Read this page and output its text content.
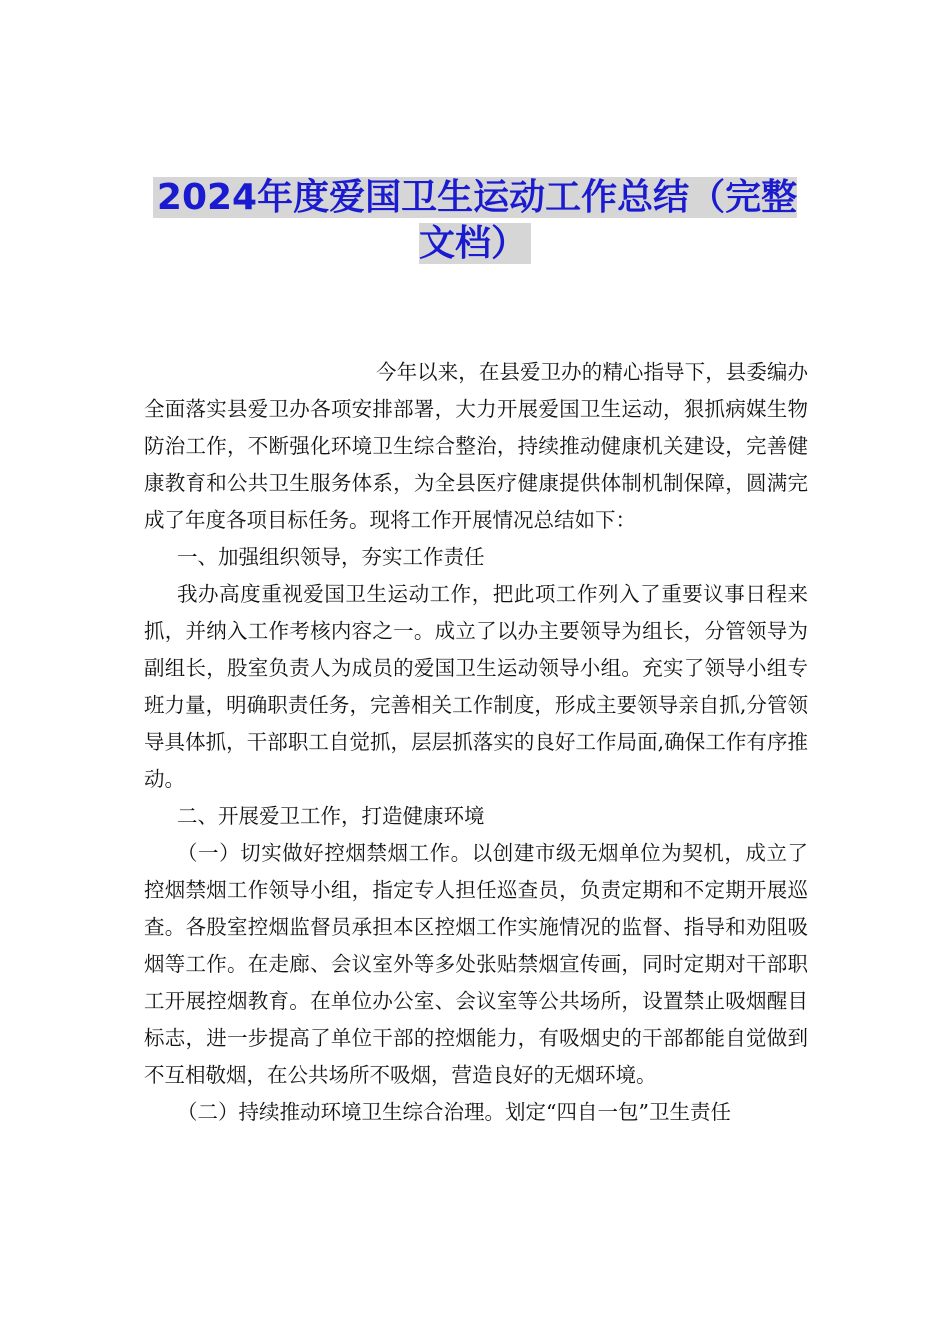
2024年度爱国卫生运动工作总结（完整文档）

今年以来，在县爱卫办的精心指导下，县委编办全面落实县爱卫办各项安排部署，大力开展爱国卫生运动，狠抓病媒生物防治工作，不断强化环境卫生综合整治，持续推动健康机关建设，完善健康教育和公共卫生服务体系，为全县医疗健康提供体制机制保障，圆满完成了年度各项目标任务。现将工作开展情况总结如下：

一、加强组织领导，夯实工作责任

我办高度重视爱国卫生运动工作，把此项工作列入了重要议事日程来抓，并纳入工作考核内容之一。成立了以办主要领导为组长，分管领导为副组长，股室负责人为成员的爱国卫生运动领导小组。充实了领导小组专班力量，明确职责任务，完善相关工作制度，形成主要领导亲自抓,分管领导具体抓，干部职工自觉抓，层层抓落实的良好工作局面,确保工作有序推动。

二、开展爱卫工作，打造健康环境

（一）切实做好控烟禁烟工作。以创建市级无烟单位为契机，成立了控烟禁烟工作领导小组，指定专人担任巡查员，负责定期和不定期开展巡查。各股室控烟监督员承担本区控烟工作实施情况的监督、指导和劝阻吸烟等工作。在走廊、会议室外等多处张贴禁烟宣传画，同时定期对干部职工开展控烟教育。在单位办公室、会议室等公共场所，设置禁止吸烟醒目标志，进一步提高了单位干部的控烟能力，有吸烟史的干部都能自觉做到不互相敬烟，在公共场所不吸烟，营造良好的无烟环境。

（二）持续推动环境卫生综合治理。划定“四自一包”卫生责任
